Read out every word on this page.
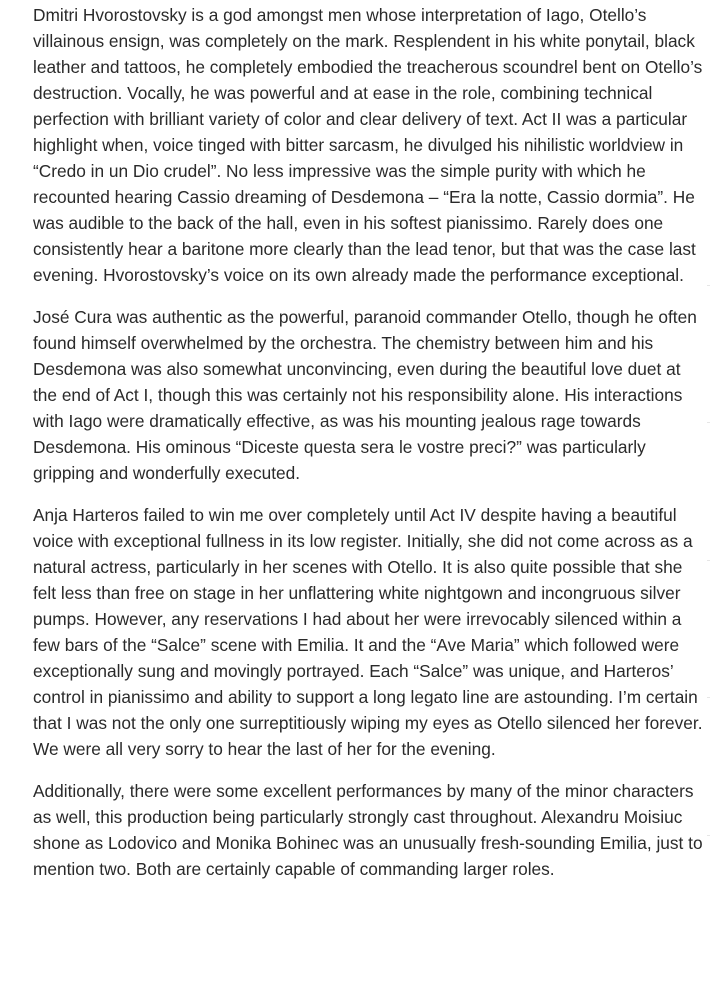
Dmitri Hvorostovsky is a god amongst men whose interpretation of Iago, Otello’s villainous ensign, was completely on the mark. Resplendent in his white ponytail, black leather and tattoos, he completely embodied the treacherous scoundrel bent on Otello’s destruction. Vocally, he was powerful and at ease in the role, combining technical perfection with brilliant variety of color and clear delivery of text. Act II was a particular highlight when, voice tinged with bitter sarcasm, he divulged his nihilistic worldview in “Credo in un Dio crudel”. No less impressive was the simple purity with which he recounted hearing Cassio dreaming of Desdemona – “Era la notte, Cassio dormia”. He was audible to the back of the hall, even in his softest pianissimo. Rarely does one consistently hear a baritone more clearly than the lead tenor, but that was the case last evening. Hvorostovsky’s voice on its own already made the performance exceptional.

José Cura was authentic as the powerful, paranoid commander Otello, though he often found himself overwhelmed by the orchestra. The chemistry between him and his Desdemona was also somewhat unconvincing, even during the beautiful love duet at the end of Act I, though this was certainly not his responsibility alone. His interactions with Iago were dramatically effective, as was his mounting jealous rage towards Desdemona. His ominous “Diceste questa sera le vostre preci?” was particularly gripping and wonderfully executed.

Anja Harteros failed to win me over completely until Act IV despite having a beautiful voice with exceptional fullness in its low register. Initially, she did not come across as a natural actress, particularly in her scenes with Otello. It is also quite possible that she felt less than free on stage in her unflattering white nightgown and incongruous silver pumps. However, any reservations I had about her were irrevocably silenced within a few bars of the “Salce” scene with Emilia. It and the “Ave Maria” which followed were exceptionally sung and movingly portrayed. Each “Salce” was unique, and Harteros’ control in pianissimo and ability to support a long legato line are astounding. I’m certain that I was not the only one surreptitiously wiping my eyes as Otello silenced her forever. We were all very sorry to hear the last of her for the evening.

Additionally, there were some excellent performances by many of the minor characters as well, this production being particularly strongly cast throughout. Alexandru Moisiuc shone as Lodovico and Monika Bohinec was an unusually fresh-sounding Emilia, just to mention two. Both are certainly capable of commanding larger roles.
